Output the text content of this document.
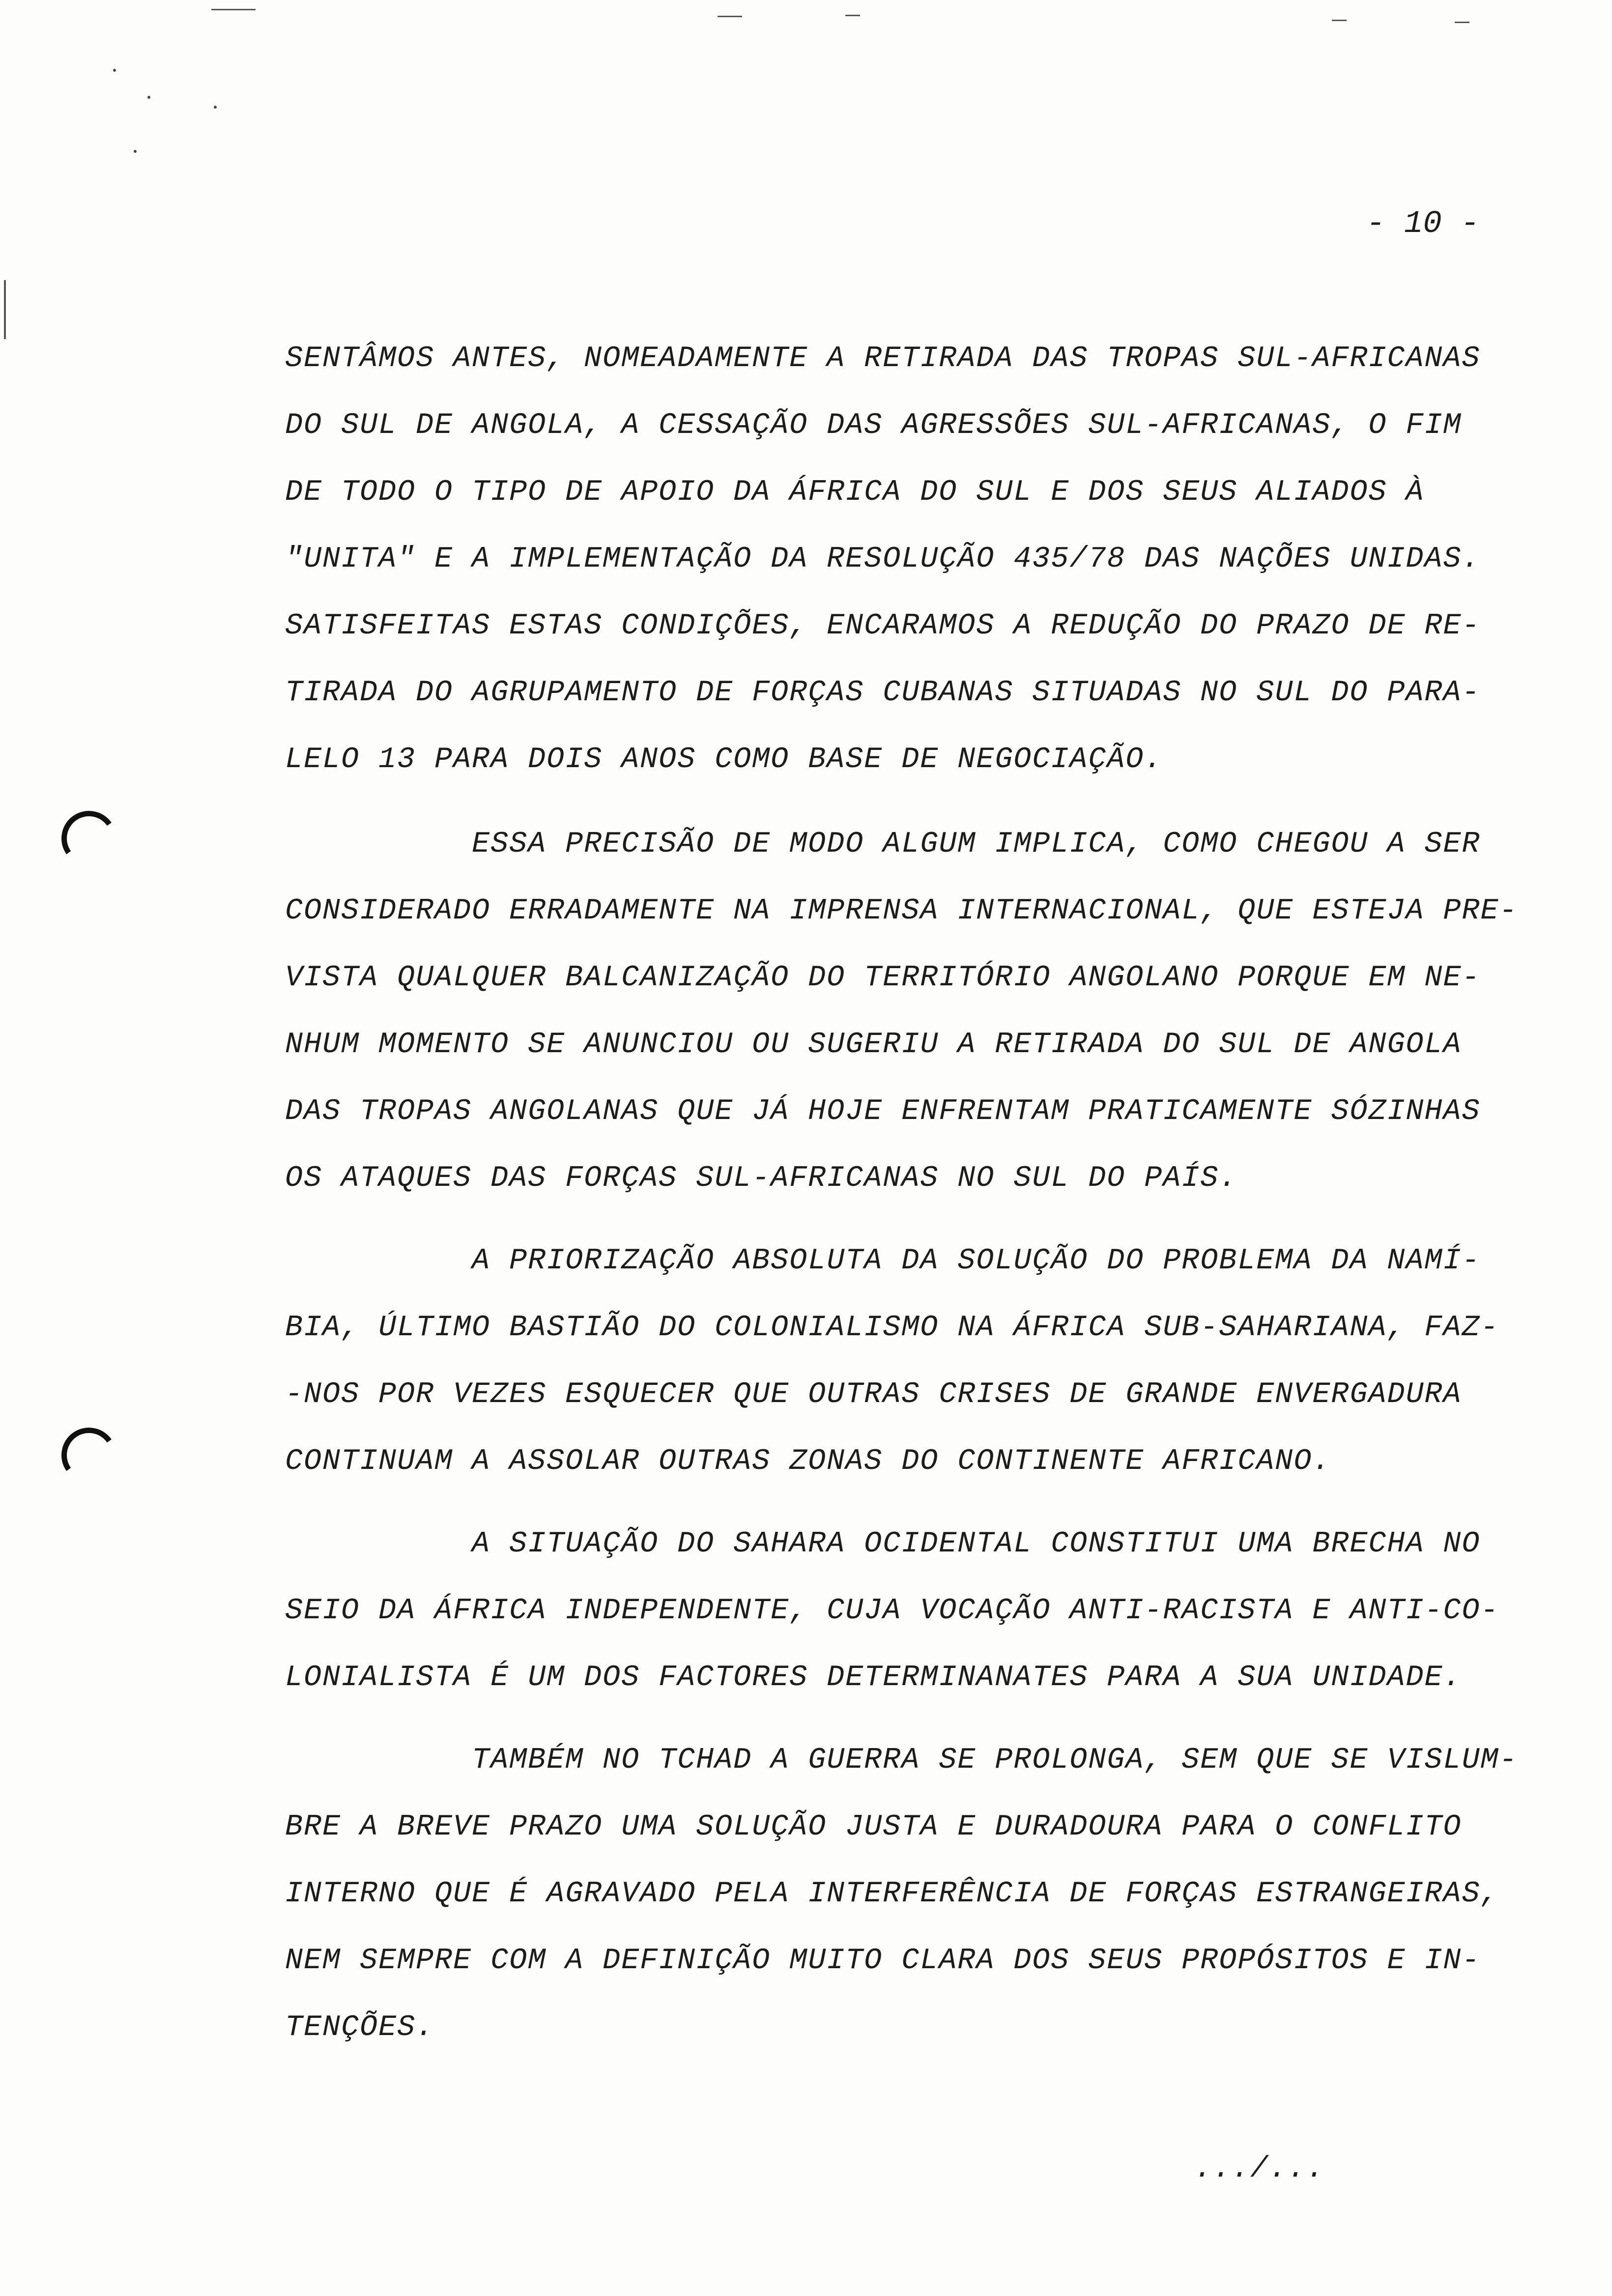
- 10 -
SENTÂMOS ANTES, NOMEADAMENTE A RETIRADA DAS TROPAS SUL-AFRICANAS
DO SUL DE ANGOLA, A CESSAÇÃO DAS AGRESSÕES SUL-AFRICANAS, O FIM
DE TODO O TIPO DE APOIO DA ÁFRICA DO SUL E DOS SEUS ALIADOS À
"UNITA" E A IMPLEMENTAÇÃO DA RESOLUÇÃO 435/78 DAS NAÇÕES UNIDAS.
SATISFEITAS ESTAS CONDIÇÕES, ENCARAMOS A REDUÇÃO DO PRAZO DE RE-
TIRADA DO AGRUPAMENTO DE FORÇAS CUBANAS SITUADAS NO SUL DO PARA-
LELO 13 PARA DOIS ANOS COMO BASE DE NEGOCIAÇÃO.
ESSA PRECISÃO DE MODO ALGUM IMPLICA, COMO CHEGOU A SER
CONSIDERADO ERRADAMENTE NA IMPRENSA INTERNACIONAL, QUE ESTEJA PRE-
VISTA QUALQUER BALCANIZAÇÃO DO TERRITÓRIO ANGOLANO PORQUE EM NE-
NHUM MOMENTO SE ANUNCIOU OU SUGERIU A RETIRADA DO SUL DE ANGOLA
DAS TROPAS ANGOLANAS QUE JÁ HOJE ENFRENTAM PRATICAMENTE SÓZINHAS
OS ATAQUES DAS FORÇAS SUL-AFRICANAS NO SUL DO PAÍS.
A PRIORIZAÇÃO ABSOLUTA DA SOLUÇÃO DO PROBLEMA DA NAMÍ-
BIA, ÚLTIMO BASTIÃO DO COLONIALISMO NA ÁFRICA SUB-SAHARIANA, FAZ-
-NOS POR VEZES ESQUECER QUE OUTRAS CRISES DE GRANDE ENVERGADURA
CONTINUAM A ASSOLAR OUTRAS ZONAS DO CONTINENTE AFRICANO.
A SITUAÇÃO DO SAHARA OCIDENTAL CONSTITUI UMA BRECHA NO
SEIO DA ÁFRICA INDEPENDENTE, CUJA VOCAÇÃO ANTI-RACISTA E ANTI-CO-
LONIALISTA É UM DOS FACTORES DETERMINANATES PARA A SUA UNIDADE.
TAMBÉM NO TCHAD A GUERRA SE PROLONGA, SEM QUE SE VISLUM-
BRE A BREVE PRAZO UMA SOLUÇÃO JUSTA E DURADOURA PARA O CONFLITO
INTERNO QUE É AGRAVADO PELA INTERFERÊNCIA DE FORÇAS ESTRANGEIRAS,
NEM SEMPRE COM A DEFINIÇÃO MUITO CLARA DOS SEUS PROPÓSITOS E IN-
TENÇÕES.
.../...
